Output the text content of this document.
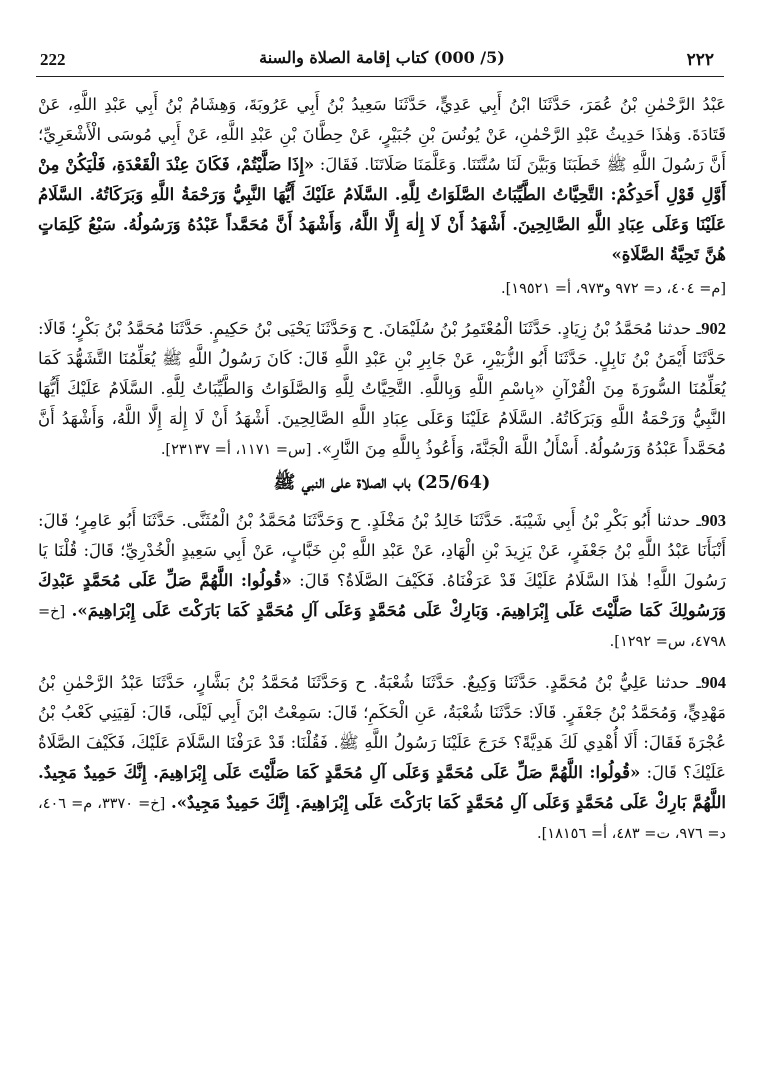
222	(5/ 000) كتاب إقامة الصلاة والسنة	٢٢٢

عَبْدُ الرَّحْمٰنِ بْنُ عُمَرَ، حَدَّثَنَا ابْنُ أَبِي عَدِيٍّ، حَدَّثَنَا سَعِيدُ بْنُ أَبِي عَرُوبَةَ، وَهِشَامُ بْنُ أَبِي عَبْدِ اللَّهِ، عَنْ قَتَادَةَ. وَهٰذَا حَدِيثُ عَبْدِ الرَّحْمٰنِ، عَنْ يُونُسَ بْنِ جُبَيْرٍ، عَنْ حِطَّانَ بْنِ عَبْدِ اللَّهِ، عَنْ أَبِي مُوسَى الْأَشْعَرِيِّ؛ أَنَّ رَسُولَ اللَّهِ ﷺ خَطَبَنَا وَبَيَّنَ لَنَا سُنَّتَنَا. وَعَلَّمَنَا صَلَاتَنَا. فَقَالَ: «إِذَا صَلَّيْتُمْ، فَكَانَ عِنْدَ الْقَعْدَةِ، فَلْيَكُنْ مِنْ أَوَّلِ قَوْلِ أَحَدِكُمْ: التَّحِيَّاتُ الطَّيِّبَاتُ الصَّلَوَاتُ لِلَّهِ. السَّلَامُ عَلَيْكَ أَيُّهَا النَّبِيُّ وَرَحْمَةُ اللَّهِ وَبَرَكَاتُهُ. السَّلَامُ عَلَيْنَا وَعَلَى عِبَادِ اللَّهِ الصَّالِحِينَ. أَشْهَدُ أَنْ لَا إِلٰهَ إِلَّا اللَّهُ، وَأَشْهَدُ أَنَّ مُحَمَّداً عَبْدُهُ وَرَسُولُهُ. سَبْعُ كَلِمَاتٍ هُنَّ تَحِيَّةُ الصَّلَاةِ»

[م= ٤٠٤، د= ٩٧٢ و٩٧٣، أ= ١٩٥٢١].

902ـ حدثنا مُحَمَّدُ بْنُ زِيَادٍ. حَدَّثَنَا الْمُعْتَمِرُ بْنُ سُلَيْمَانَ. ح وَحَدَّثَنَا يَحْيَى بْنُ حَكِيمٍ. حَدَّثَنَا مُحَمَّدُ بْنُ بَكْرٍ؛ قَالَا: حَدَّثَنَا أَيْمَنُ بْنُ نَابِلٍ. حَدَّثَنَا أَبُو الزُّبَيْرِ، عَنْ جَابِرِ بْنِ عَبْدِ اللَّهِ قَالَ: كَانَ رَسُولُ اللَّهِ ﷺ يُعَلِّمُنَا التَّشَهُّدَ كَمَا يُعَلِّمُنَا السُّورَةَ مِنَ الْقُرْآنِ «بِاسْمِ اللَّهِ وَبِاللَّهِ. التَّحِيَّاتُ لِلَّهِ وَالصَّلَوَاتُ وَالطَّيِّبَاتُ لِلَّهِ. السَّلَامُ عَلَيْكَ أَيُّهَا النَّبِيُّ وَرَحْمَةُ اللَّهِ وَبَرَكَاتُهُ. السَّلَامُ عَلَيْنَا وَعَلَى عِبَادِ اللَّهِ الصَّالِحِينَ. أَشْهَدُ أَنْ لَا إِلٰهَ إِلَّا اللَّهُ، وَأَشْهَدُ أَنَّ مُحَمَّداً عَبْدُهُ وَرَسُولُهُ. أَسْأَلُ اللَّهَ الْجَنَّةَ، وَأَعُوذُ بِاللَّهِ مِنَ النَّارِ». [س= ١١٧١، أ= ٢٣١٣٧].

(25/64) باب الصلاة على النبي ﷺ

903ـ حدثنا أَبُو بَكْرِ بْنُ أَبِي شَيْبَةَ. حَدَّثَنَا خَالِدُ بْنُ مَخْلَدٍ. ح وَحَدَّثَنَا مُحَمَّدُ بْنُ الْمُثَنَّى. حَدَّثَنَا أَبُو عَامِرٍ؛ قَالَ: أَنْبَأَنَا عَبْدُ اللَّهِ بْنُ جَعْفَرٍ، عَنْ يَزِيدَ بْنِ الْهَادِ، عَنْ عَبْدِ اللَّهِ بْنِ خَبَّابٍ، عَنْ أَبِي سَعِيدٍ الْخُدْرِيِّ؛ قَالَ: قُلْنَا يَا رَسُولَ اللَّهِ! هٰذَا السَّلَامُ عَلَيْكَ قَدْ عَرَفْنَاهُ. فَكَيْفَ الصَّلَاةُ؟ قَالَ: «قُولُوا: اللَّهُمَّ صَلِّ عَلَى مُحَمَّدٍ عَبْدِكَ وَرَسُولِكَ كَمَا صَلَّيْتَ عَلَى إِبْرَاهِيمَ. وَبَارِكْ عَلَى مُحَمَّدٍ وَعَلَى آلِ مُحَمَّدٍ كَمَا بَارَكْتَ عَلَى إِبْرَاهِيمَ». [خ= ٤٧٩٨، س= ١٢٩٢].

904ـ حدثنا عَلِيُّ بْنُ مُحَمَّدٍ. حَدَّثَنَا وَكِيعٌ. حَدَّثَنَا شُعْبَةُ. ح وَحَدَّثَنَا مُحَمَّدُ بْنُ بَشَّارٍ، حَدَّثَنَا عَبْدُ الرَّحْمٰنِ بْنُ مَهْدِيٍّ، وَمُحَمَّدُ بْنُ جَعْفَرٍ. قَالَا: حَدَّثَنَا شُعْبَةُ، عَنِ الْحَكَمِ؛ قَالَ: سَمِعْتُ ابْنَ أَبِي لَيْلَى، قَالَ: لَقِيَنِي كَعْبُ بْنُ عُجْرَةَ فَقَالَ: أَلَا أُهْدِي لَكَ هَدِيَّةً؟ خَرَجَ عَلَيْنَا رَسُولُ اللَّهِ ﷺ. فَقُلْنَا: قَدْ عَرَفْنَا السَّلَامَ عَلَيْكَ، فَكَيْفَ الصَّلَاةُ عَلَيْكَ؟ قَالَ: «قُولُوا: اللَّهُمَّ صَلِّ عَلَى مُحَمَّدٍ وَعَلَى آلِ مُحَمَّدٍ كَمَا صَلَّيْتَ عَلَى إِبْرَاهِيمَ. إِنَّكَ حَمِيدٌ مَجِيدٌ. اللَّهُمَّ بَارِكْ عَلَى مُحَمَّدٍ وَعَلَى آلِ مُحَمَّدٍ كَمَا بَارَكْتَ عَلَى إِبْرَاهِيمَ. إِنَّكَ حَمِيدٌ مَجِيدٌ». [خ= ٣٣٧٠، م= ٤٠٦، د= ٩٧٦، ت= ٤٨٣، أ= ١٨١٥٦].
